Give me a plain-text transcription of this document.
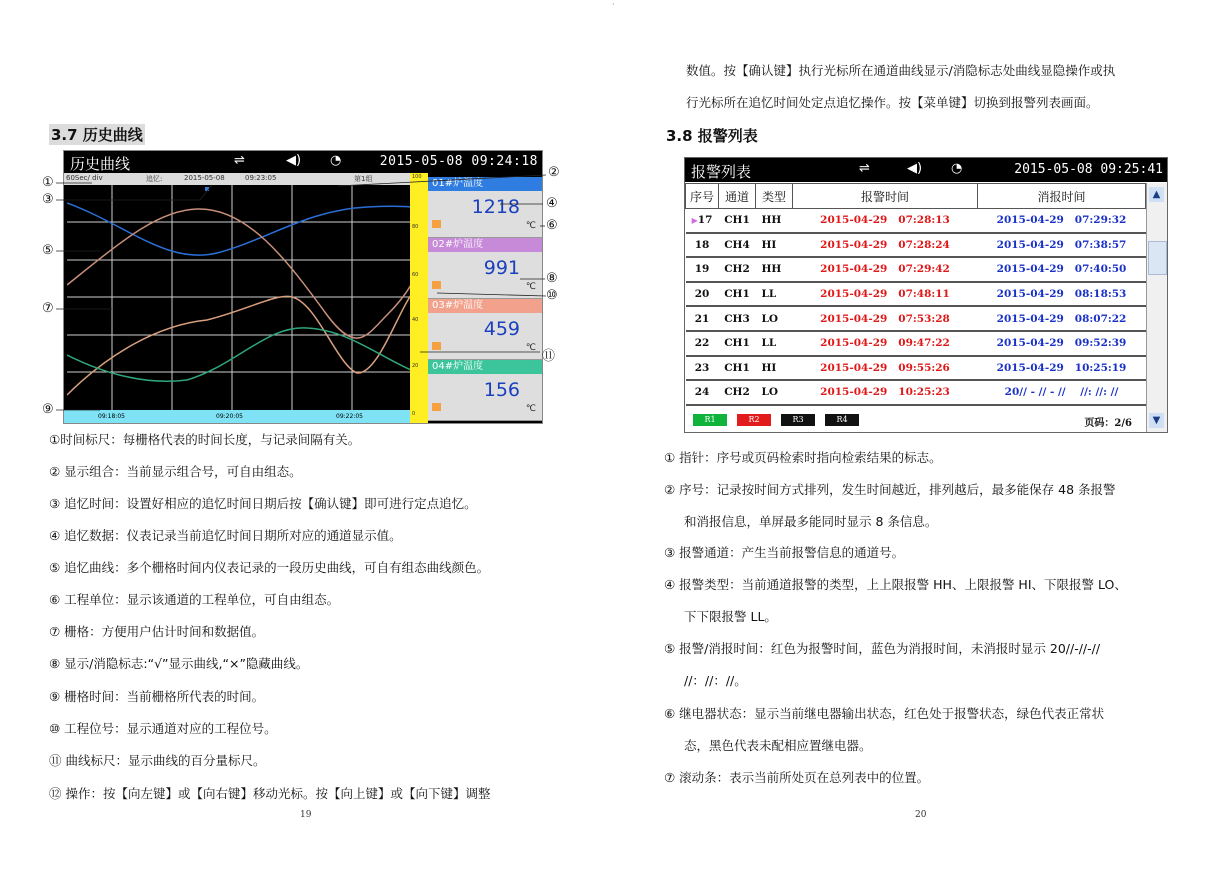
·
3.7 历史曲线
历史曲线	⇌	◀) ◔	2015-05-08 09:24:18
60Sec/ div	追忆:	2015-05-08	09:23:05	第1组
09:18:05	09:20:05	09:22:05
100
80
60
40
20
0
01#炉温度
1218
℃
02#炉温度
991
℃
03#炉温度
459
℃
04#炉温度
156
℃
①
②
③	④
⑤
⑥
⑦
⑧
⑨
⑩
⑪
①时间标尺：每栅格代表的时间长度，与记录间隔有关。
② 显示组合：当前显示组合号，可自由组态。
③ 追忆时间：设置好相应的追忆时间日期后按【确认键】即可进行定点追忆。
④ 追忆数据：仪表记录当前追忆时间日期所对应的通道显示值。
⑤ 追忆曲线：多个栅格时间内仪表记录的一段历史曲线，可自有组态曲线颜色。
⑥ 工程单位：显示该通道的工程单位，可自由组态。
⑦ 栅格：方便用户估计时间和数据值。
⑧ 显示/消隐标志:“√”显示曲线,“×”隐藏曲线。
⑨ 栅格时间：当前栅格所代表的时间。
⑩ 工程位号：显示通道对应的工程位号。
⑪ 曲线标尺：显示曲线的百分量标尺。
⑫ 操作：按【向左键】或【向右键】移动光标。按【向上键】或【向下键】调整
19
数值。按【确认键】执行光标所在通道曲线显示/消隐标志处曲线显隐操作或执
行光标所在追忆时间处定点追忆操作。按【菜单键】切换到报警列表画面。
3.8 报警列表
报警列表	⇌	◀) ◔	2015-05-08 09:25:41
序号	通道	类型	报警时间	消报时间
▶17	CH1	HH	2015-04-29   07:28:13	2015-04-29   07:29:32
18	CH4	HI	2015-04-29   07:28:24	2015-04-29   07:38:57
19	CH2	HH	2015-04-29   07:29:42	2015-04-29   07:40:50
20	CH1	LL	2015-04-29   07:48:11	2015-04-29   08:18:53
21	CH3	LO	2015-04-29   07:53:28	2015-04-29   08:07:22
22	CH1	LL	2015-04-29   09:47:22	2015-04-29   09:52:39
23	CH1	HI	2015-04-29   09:55:26	2015-04-29   10:25:19
24	CH2	LO	2015-04-29   10:25:23	20// - // - //    //: //: //
▲
▼
R1	R2	R3	R4	页码：2/6
① 指针：序号或页码检索时指向检索结果的标志。
② 序号：记录按时间方式排列，发生时间越近，排列越后，最多能保存 48 条报警
和消报信息，单屏最多能同时显示 8 条信息。
③ 报警通道：产生当前报警信息的通道号。
④ 报警类型：当前通道报警的类型，上上限报警 HH、上限报警 HI、下限报警 LO、
下下限报警 LL。
⑤ 报警/消报时间：红色为报警时间，蓝色为消报时间，未消报时显示 20//-//-//
//：//：//。
⑥ 继电器状态：显示当前继电器输出状态，红色处于报警状态，绿色代表正常状
态，黑色代表未配相应置继电器。
⑦ 滚动条：表示当前所处页在总列表中的位置。
20
